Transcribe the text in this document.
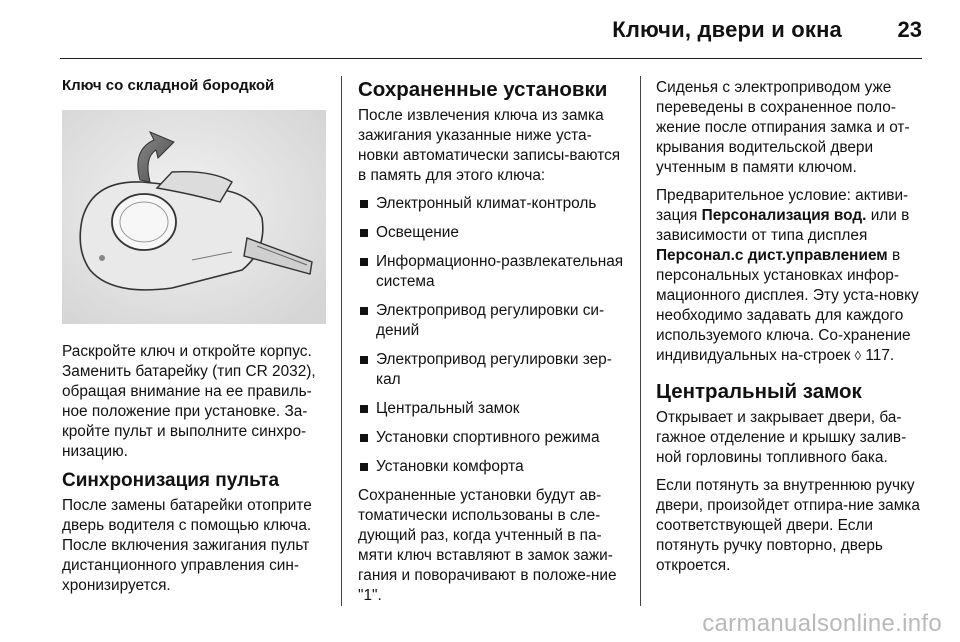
Ключи, двери и окна	23
Ключ со складной бородкой

Раскройте ключ и откройте корпус. Заменить батарейку (тип CR 2032), обращая внимание на ее правиль-ное положение при установке. За-кройте пульт и выполните синхро-низацию.

Синхронизация пульта

После замены батарейки отоприте дверь водителя с помощью ключа. После включения зажигания пульт дистанционного управления син-хронизируется.

Сохраненные установки

После извлечения ключа из замка зажигания указанные ниже уста-новки автоматически записы-ваются в память для этого ключа:

Электронный климат-контроль
Освещение
Информационно-развлекательная система
Электропривод регулировки си-дений
Электропривод регулировки зер-кал
Центральный замок
Установки спортивного режима
Установки комфорта

Сохраненные установки будут ав-томатически использованы в сле-дующий раз, когда учтенный в па-мяти ключ вставляют в замок зажи-гания и поворачивают в положе-ние "1".

Сиденья с электроприводом уже переведены в сохраненное поло-жение после отпирания замка и от-крывания водительской двери учтенным в памяти ключом.

Предварительное условие: активи-зация Персонализация вод. или в зависимости от типа дисплея Персонал.с дист.управлением в персональных установках инфор-мационного дисплея. Эту уста-новку необходимо задавать для каждого используемого ключа. Со-хранение индивидуальных на-строек ◊ 117.

Центральный замок

Открывает и закрывает двери, ба-гажное отделение и крышку залив-ной горловины топливного бака.

Если потянуть за внутреннюю ручку двери, произойдет отпира-ние замка соответствующей двери. Если потянуть ручку повторно, дверь откроется.

carmanualsonline.info
